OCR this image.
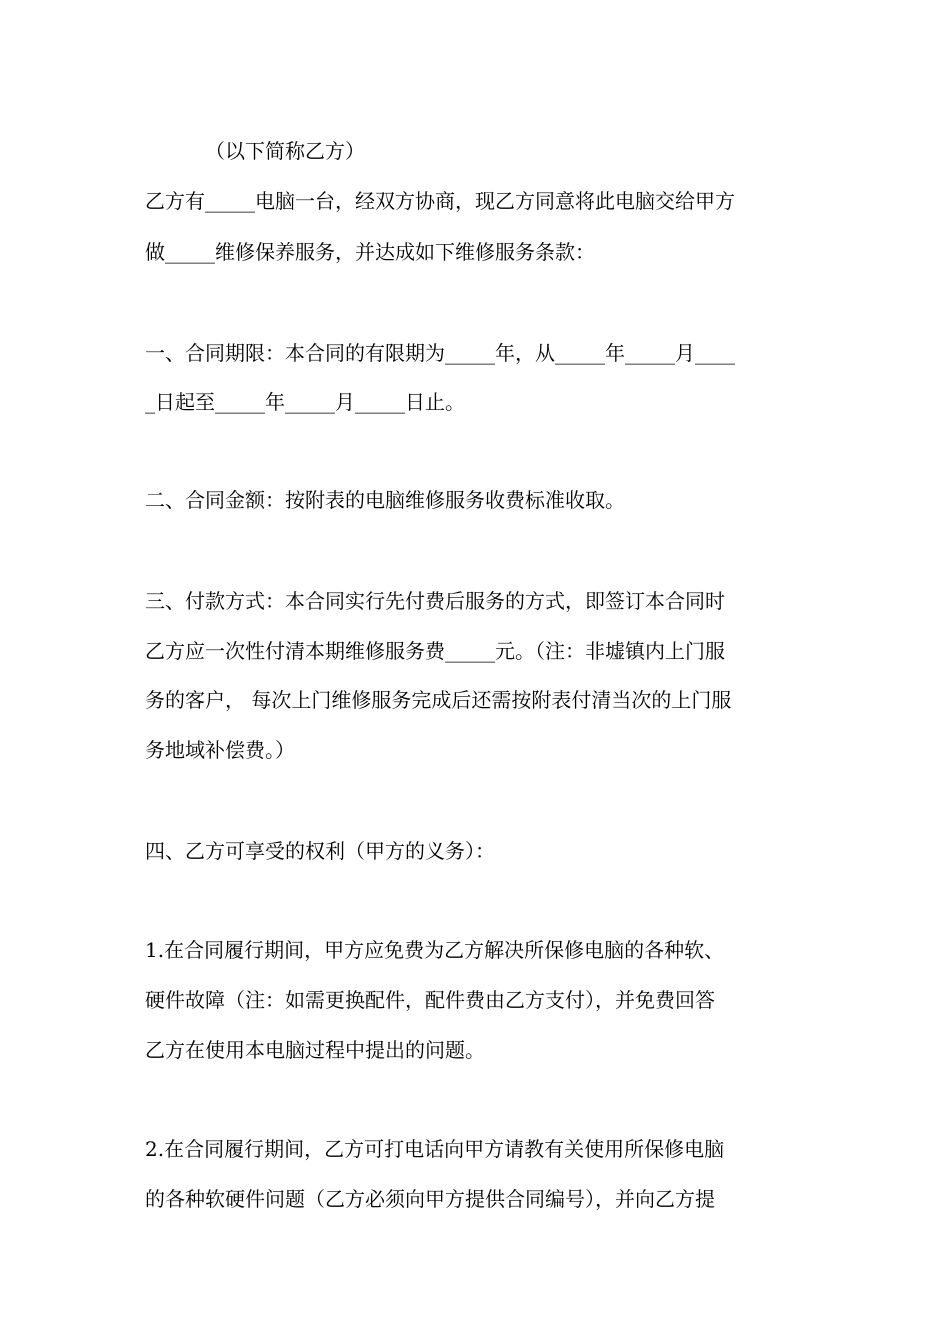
（以下简称乙方）
乙方有_____电脑一台，经双方协商，现乙方同意将此电脑交给甲方
做_____维修保养服务，并达成如下维修服务条款：
一、合同期限：本合同的有限期为_____年，从_____年_____月____
_日起至_____年_____月_____日止。
二、合同金额：按附表的电脑维修服务收费标准收取。
三、付款方式：本合同实行先付费后服务的方式，即签订本合同时
乙方应一次性付清本期维修服务费_____元。（注：非墟镇内上门服
务的客户， 每次上门维修服务完成后还需按附表付清当次的上门服
务地域补偿费。）
四、乙方可享受的权利（甲方的义务）：
1.在合同履行期间，甲方应免费为乙方解决所保修电脑的各种软、
硬件故障（注：如需更换配件，配件费由乙方支付），并免费回答
乙方在使用本电脑过程中提出的问题。
2.在合同履行期间，乙方可打电话向甲方请教有关使用所保修电脑
的各种软硬件问题（乙方必须向甲方提供合同编号），并向乙方提
